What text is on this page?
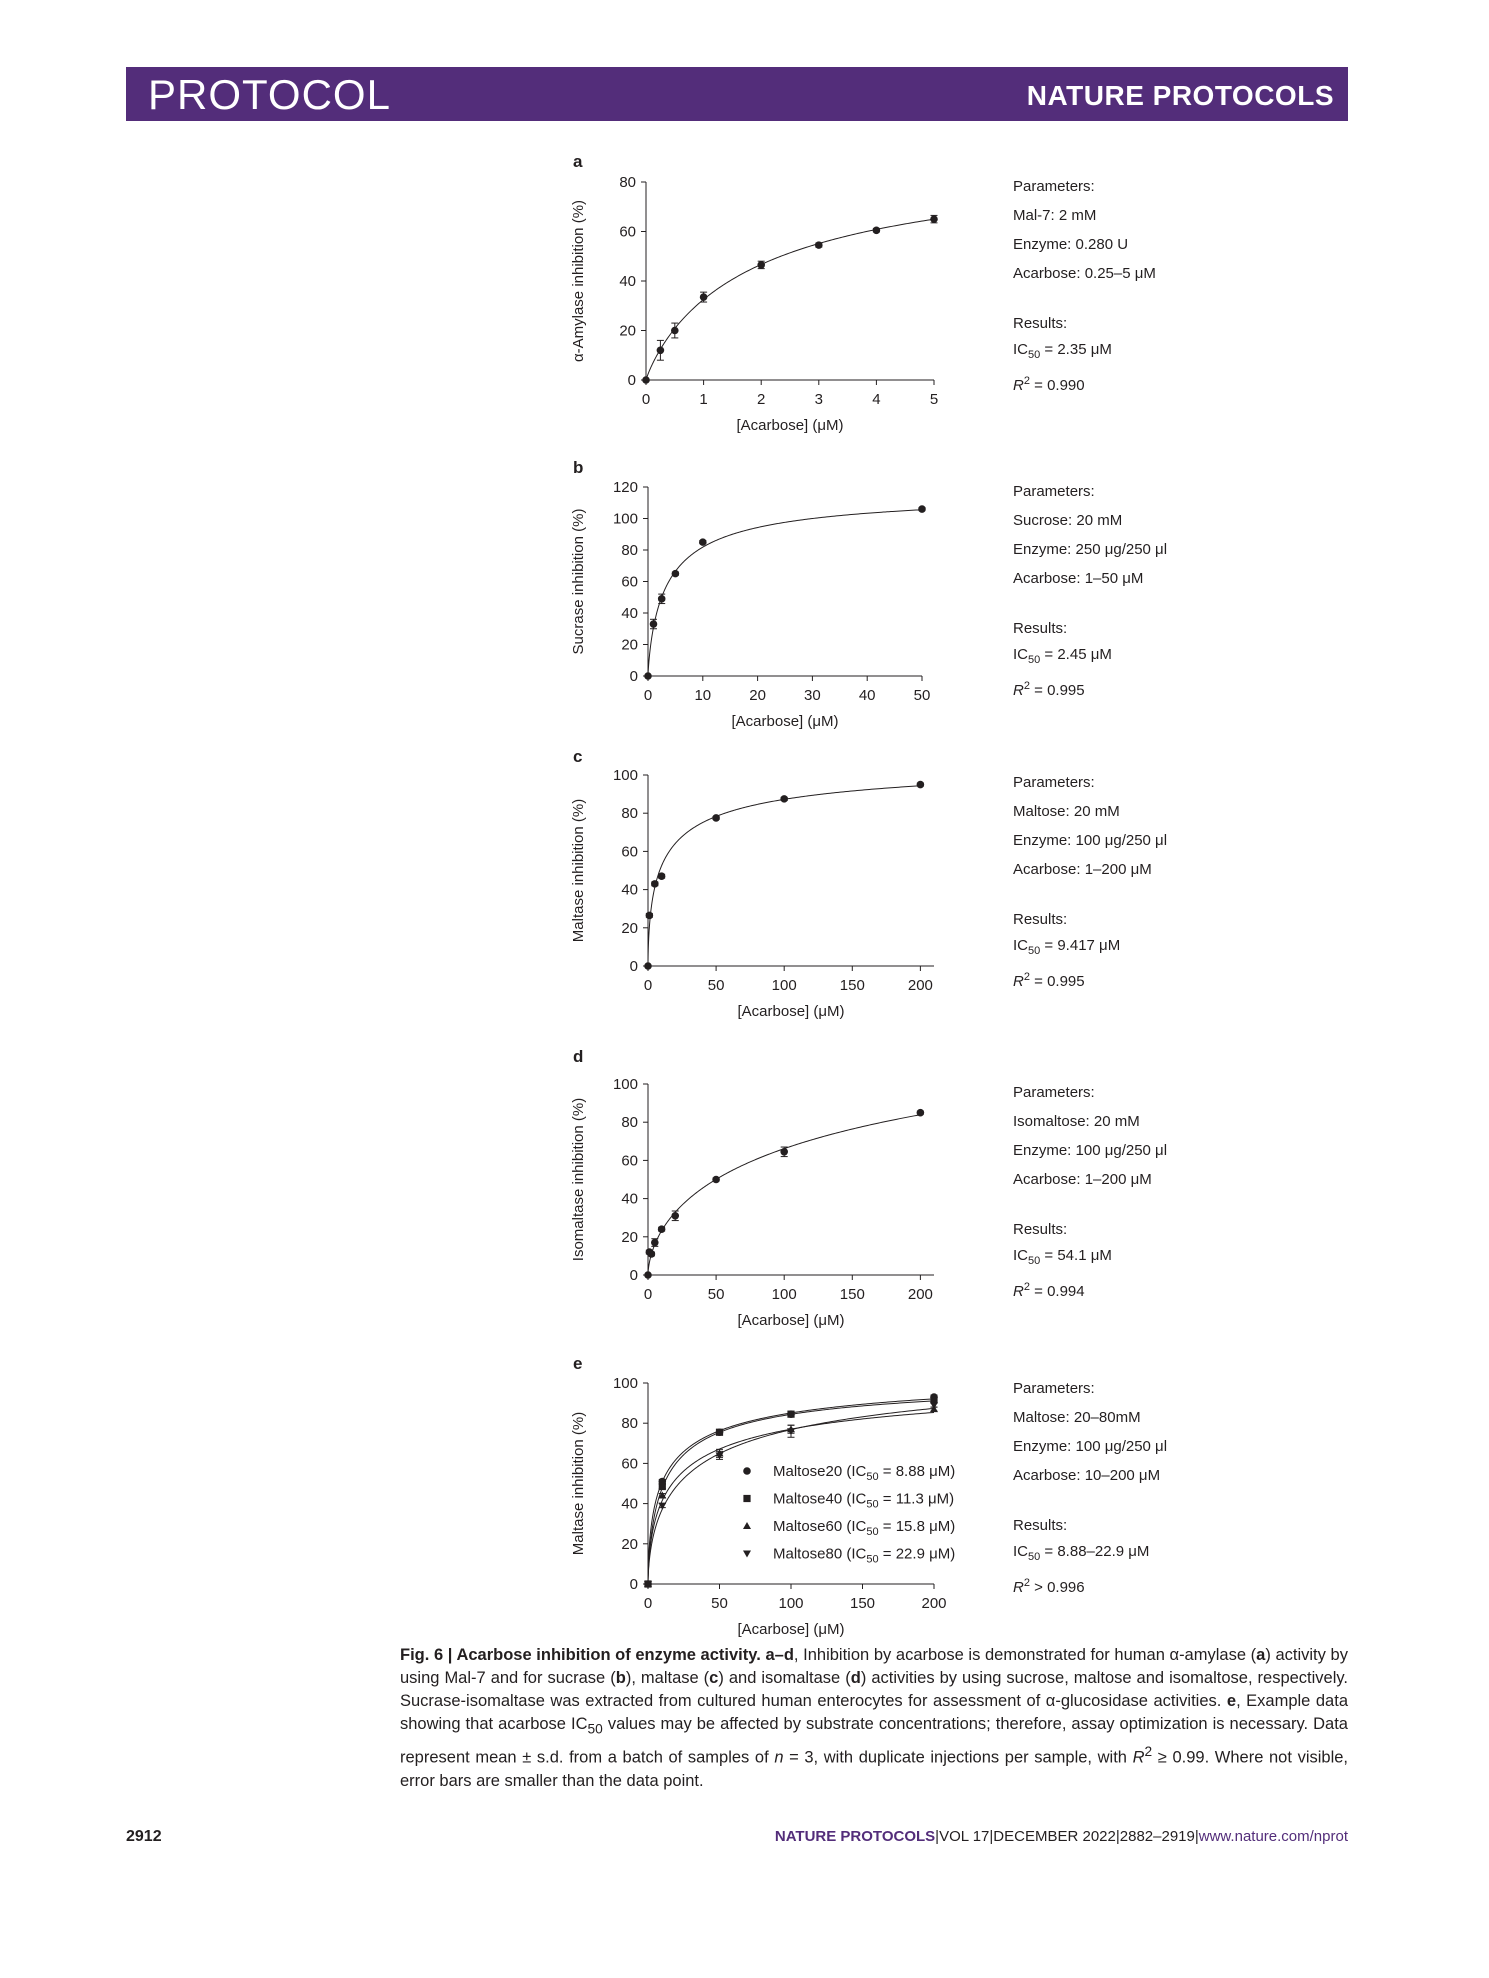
PROTOCOL	NATURE PROTOCOLS
a
0
20
40
60
80
0	1	2	3	4	5
[Acarbose] (μM)
α-Amylase inhibition (%)
b
0
20
40
60
80
100
120
0	10	20	30	40	50
[Acarbose] (μM)
Sucrase inhibition (%)
c
0
20
40
60
80
100
0	50	100	150	200
[Acarbose] (μM)
Maltase inhibition (%)
d
0
20
40
60
80
100
0	50	100	150	200
[Acarbose] (μM)
Isomaltase inhibition (%)
e
0
20
40
60
80
100
0	50	100	150	200
[Acarbose] (μM)
Maltase inhibition (%)	Maltose20 ($IC_{50} = 8.88$ μM)
Maltose40 ($IC_{50} = 11.3$ μM)
Maltose60 ($IC_{50} = 15.8$ μM)
Maltose80 ($IC_{50} = 22.9$ μM)
Parameters:
Mal-7: 2 mM
Enzyme: 0.280 U
Acarbose: 0.25–5 μM
Results:
$IC_{50} = 2.35$ μM
$R^2 = 0.990$
Parameters:
Sucrose: 20 mM
Enzyme: 250 μg/250 μl
Acarbose: 1–50 μM
Results:
$IC_{50} = 2.45$ μM
$R^2 = 0.995$
Parameters:
Maltose: 20 mM
Enzyme: 100 μg/250 μl
Acarbose: 1–200 μM
Results:
$IC_{50} = 9.417$ μM
$R^2 = 0.995$
Parameters:
Isomaltose: 20 mM
Enzyme: 100 μg/250 μl
Acarbose: 1–200 μM
Results:
$IC_{50} = 54.1$ μM
$R^2 = 0.994$
Parameters:
Maltose: 20–80mM
Enzyme: 100 μg/250 μl
Acarbose: 10–200 μM
Results:
$IC_{50} = 8.88-22.9$ μM
$R^2 > 0.996$
Fig. 6 | Acarbose inhibition of enzyme activity. a–d, Inhibition by acarbose is demonstrated for human α-amylase (a) activity by using Mal-7 and for sucrase (b), maltase (c) and isomaltase (d) activities by using sucrose, maltose and isomaltose, respectively. Sucrase-isomaltase was extracted from cultured human enterocytes for assessment of α-glucosidase activities. e, Example data showing that acarbose $IC_{50}$ values may be affected by substrate concentrations; therefore, assay optimization is necessary. Data represent mean ± s.d. from a batch of samples of n = 3, with duplicate injections per sample, with $R^2 \ge 0.99$. Where not visible, error bars are smaller than the data point.
2912	NATURE PROTOCOLS|VOL 17|DECEMBER 2022|2882–2919|www.nature.com/nprot
